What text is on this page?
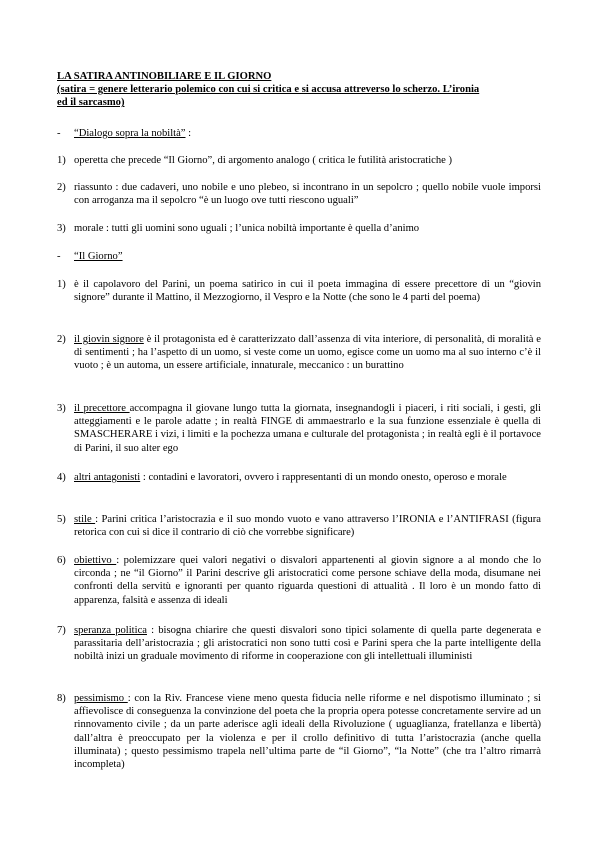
LA SATIRA ANTINOBILIARE E IL GIORNO
(satira = genere letterario polemico con cui si critica e si accusa attreverso lo scherzo. L’ironia
ed il sarcasmo)
-	“Dialogo sopra la nobiltà” :
1) operetta che precede “Il Giorno”, di argomento analogo ( critica le futilità aristocratiche )
2) riassunto : due cadaveri, uno nobile e uno plebeo, si incontrano in un sepolcro ; quello nobile vuole imporsi con arroganza ma il sepolcro “è un luogo ove tutti riescono uguali”
3) morale : tutti gli uomini sono uguali ; l’unica nobiltà importante è quella d’animo
-	“Il Giorno”
1) è il capolavoro del Parini, un poema satirico in cui il poeta immagina di essere precettore di un “giovin signore” durante il Mattino, il Mezzogiorno, il Vespro e la Notte (che sono le 4 parti del poema)
2) il giovin signore è il protagonista ed è caratterizzato dall’assenza di vita interiore, di personalità, di moralità e di sentimenti ; ha l’aspetto di un uomo, si veste come un uomo, egisce come un uomo ma al suo interno c’è il vuoto ; è un automa, un essere artificiale, innaturale, meccanico : un burattino
3) il precettore accompagna il giovane lungo tutta la giornata, insegnandogli i piaceri, i riti sociali, i gesti, gli atteggiamenti e le parole adatte ; in realtà FINGE di ammaestrarlo e la sua funzione essenziale è quella di SMASCHERARE i vizi, i limiti e la pochezza umana e culturale del protagonista ; in realtà egli è il portavoce di Parini, il suo alter ego
4) altri antagonisti : contadini e lavoratori, ovvero i rappresentanti di un mondo onesto, operoso e morale
5) stile : Parini critica l’aristocrazia e il suo mondo vuoto e vano attraverso l’IRONIA e l’ANTIFRASI (figura retorica con cui si dice il contrario di ciò che vorrebbe significare)
6) obiettivo : polemizzare quei valori negativi o disvalori appartenenti al giovin signore a al mondo che lo circonda ; ne “il Giorno” il Parini descrive gli aristocratici come persone schiave della moda, disumane nei confronti della servitù e ignoranti per quanto riguarda questioni di attualità . Il loro è un mondo fatto di apparenza, falsità e assenza di ideali
7) speranza politica : bisogna chiarire che questi disvalori sono tipici solamente di quella parte degenerata e parassitaria dell’aristocrazia ; gli aristocratici non sono tutti così e Parini spera che la parte intelligente della nobiltà inizi un graduale movimento di riforme in cooperazione con gli intellettuali illuministi
8) pessimismo : con la Riv. Francese viene meno questa fiducia nelle riforme e nel dispotismo illuminato ; si affievolisce di conseguenza la convinzione del poeta che la propria opera potesse concretamente servire ad un rinnovamento civile ; da un parte aderisce agli ideali della Rivoluzione ( uguaglianza, fratellanza e libertà) dall’altra è preoccupato per la violenza e per il crollo definitivo di tutta l’aristocrazia (anche quella illuminata) ; questo pessimismo trapela nell’ultima parte de “il Giorno”, “la Notte” (che tra l’altro rimarrà incompleta)
